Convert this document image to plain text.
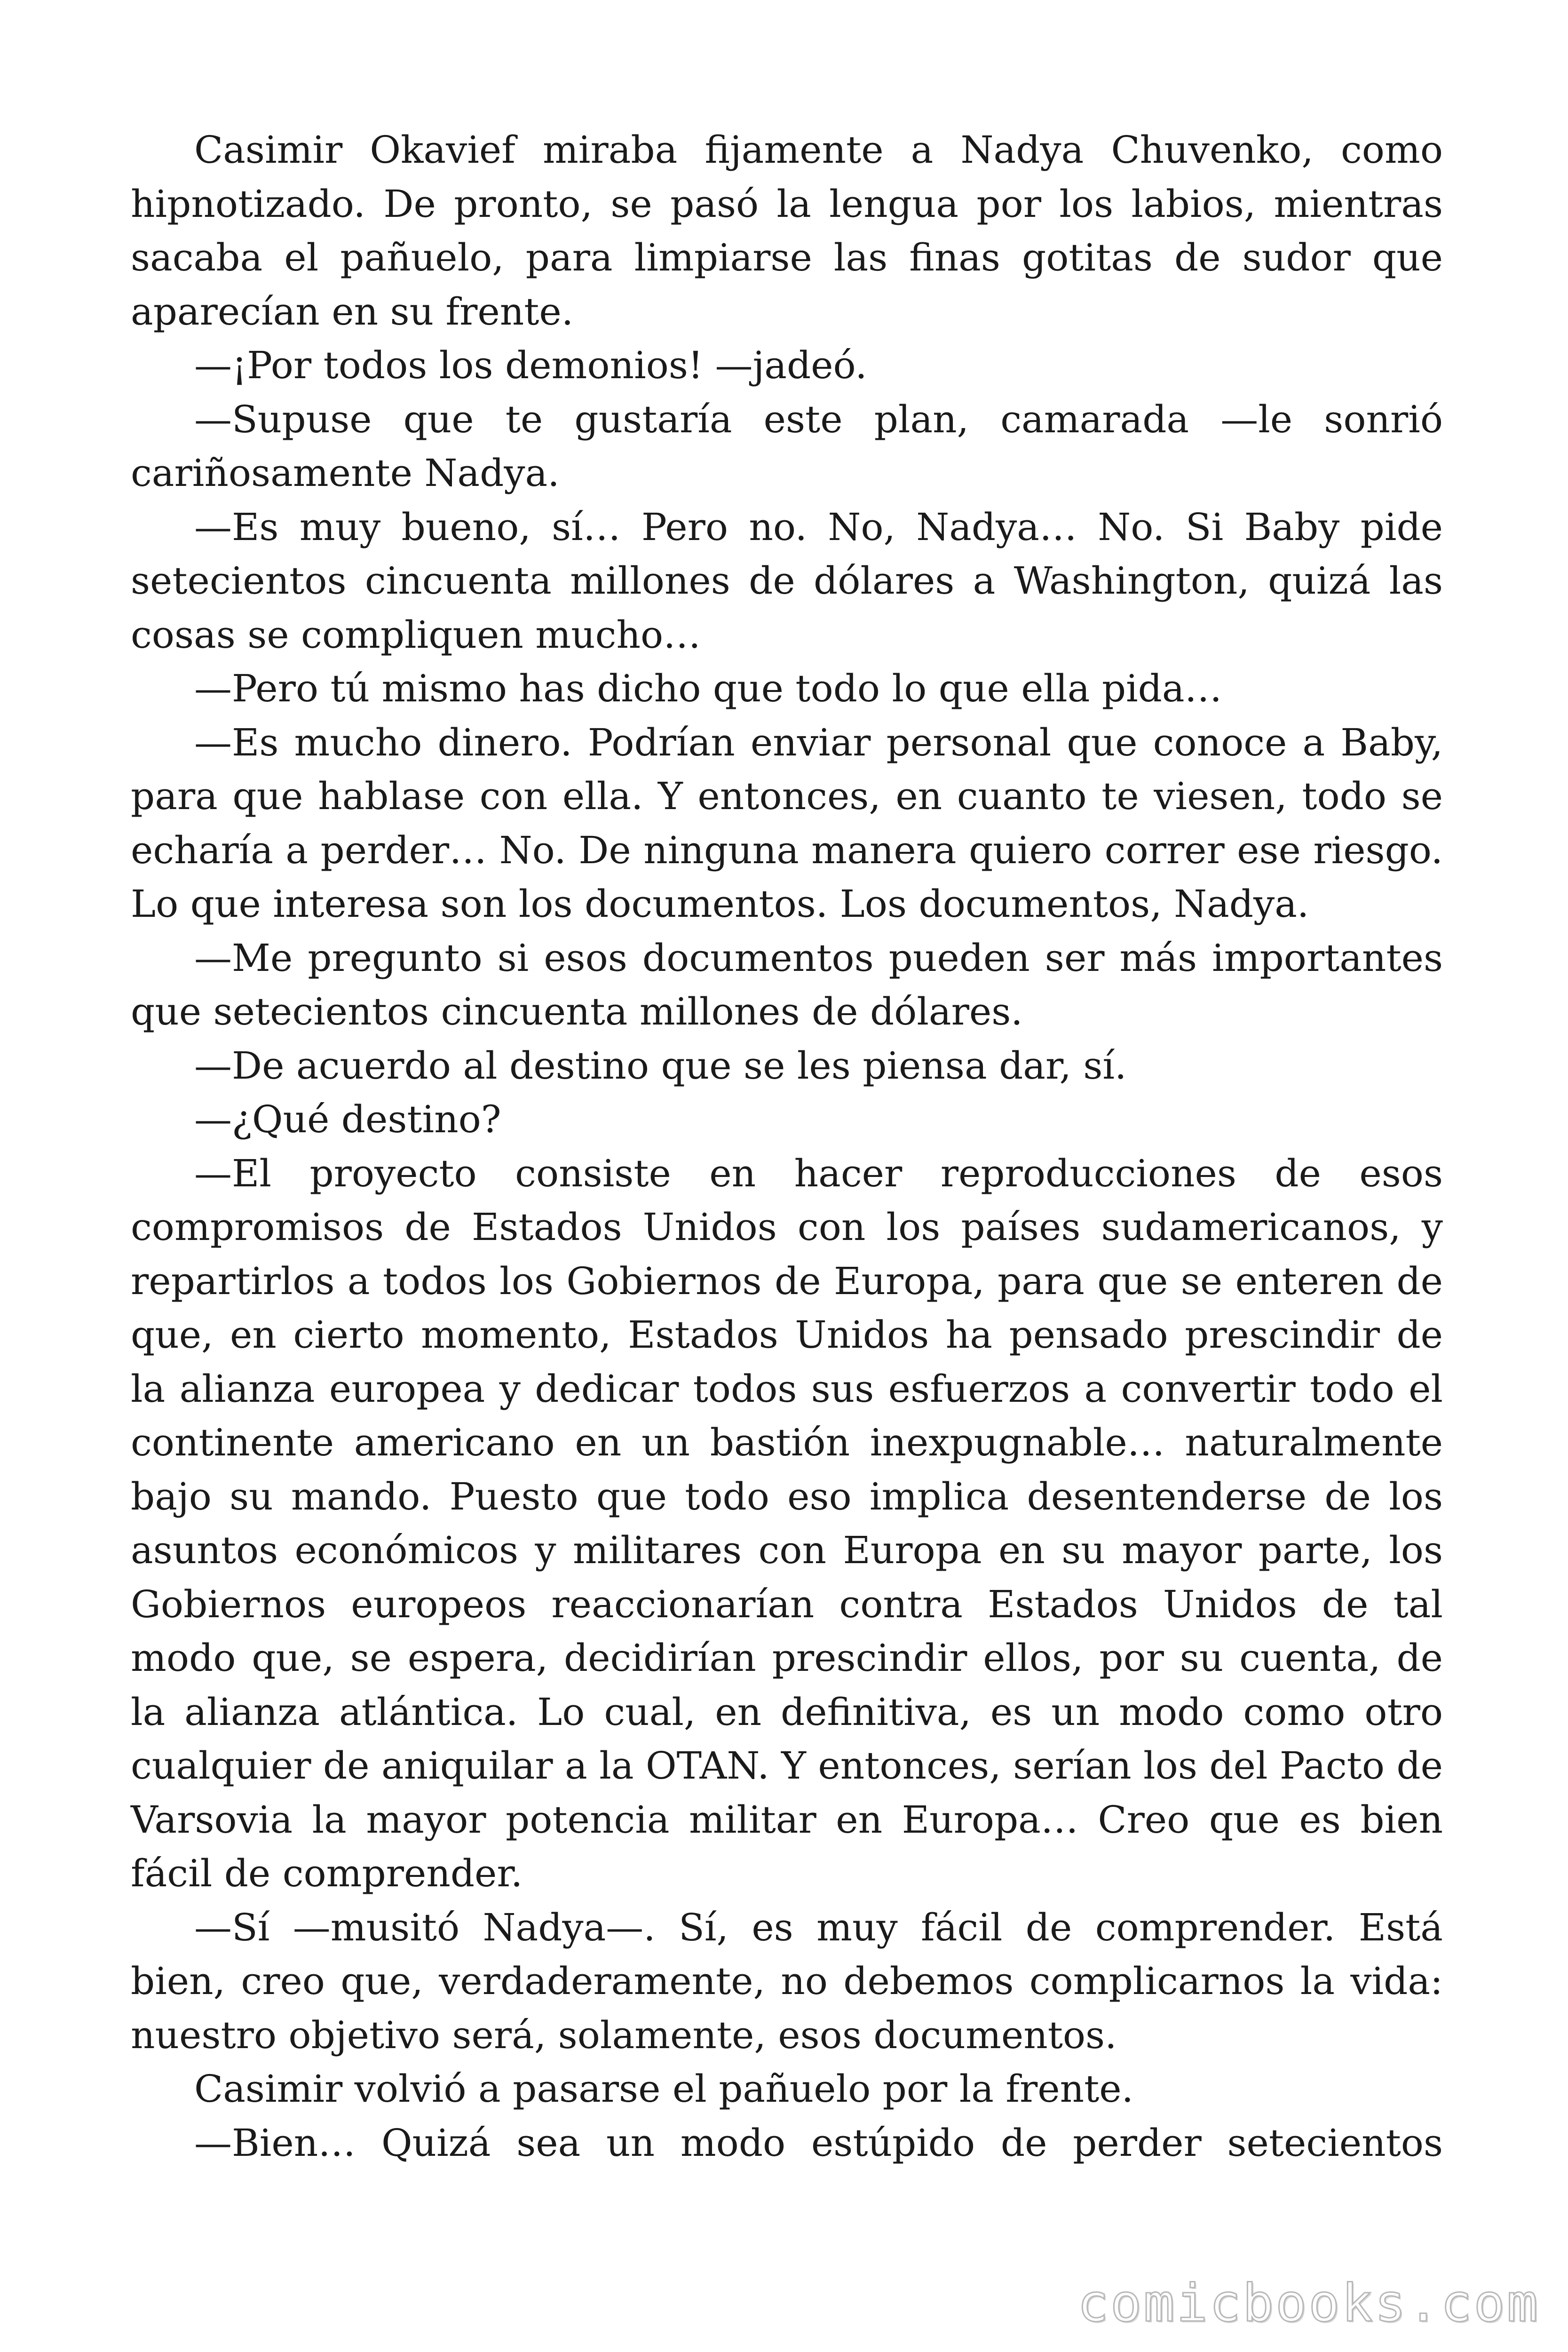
Casimir Okavief miraba fijamente a Nadya Chuvenko, como hipnotizado. De pronto, se pasó la lengua por los labios, mientras sacaba el pañuelo, para limpiarse las finas gotitas de sudor que aparecían en su frente.

—¡Por todos los demonios! —jadeó.

—Supuse que te gustaría este plan, camarada —le sonrió cariñosamente Nadya.

—Es muy bueno, sí… Pero no. No, Nadya… No. Si Baby pide setecientos cincuenta millones de dólares a Washington, quizá las cosas se compliquen mucho…

—Pero tú mismo has dicho que todo lo que ella pida…

—Es mucho dinero. Podrían enviar personal que conoce a Baby, para que hablase con ella. Y entonces, en cuanto te viesen, todo se echaría a perder… No. De ninguna manera quiero correr ese riesgo. Lo que interesa son los documentos. Los documentos, Nadya.

—Me pregunto si esos documentos pueden ser más importantes que setecientos cincuenta millones de dólares.

—De acuerdo al destino que se les piensa dar, sí.

—¿Qué destino?

—El proyecto consiste en hacer reproducciones de esos compromisos de Estados Unidos con los países sudamericanos, y repartirlos a todos los Gobiernos de Europa, para que se enteren de que, en cierto momento, Estados Unidos ha pensado prescindir de la alianza europea y dedicar todos sus esfuerzos a convertir todo el continente americano en un bastión inexpugnable… naturalmente bajo su mando. Puesto que todo eso implica desentenderse de los asuntos económicos y militares con Europa en su mayor parte, los Gobiernos europeos reaccionarían contra Estados Unidos de tal modo que, se espera, decidirían prescindir ellos, por su cuenta, de la alianza atlántica. Lo cual, en definitiva, es un modo como otro cualquier de aniquilar a la OTAN. Y entonces, serían los del Pacto de Varsovia la mayor potencia militar en Europa… Creo que es bien fácil de comprender.

—Sí —musitó Nadya—. Sí, es muy fácil de comprender. Está bien, creo que, verdaderamente, no debemos complicarnos la vida: nuestro objetivo será, solamente, esos documentos.

Casimir volvió a pasarse el pañuelo por la frente.

—Bien… Quizá sea un modo estúpido de perder setecientos

comicbooks.com
